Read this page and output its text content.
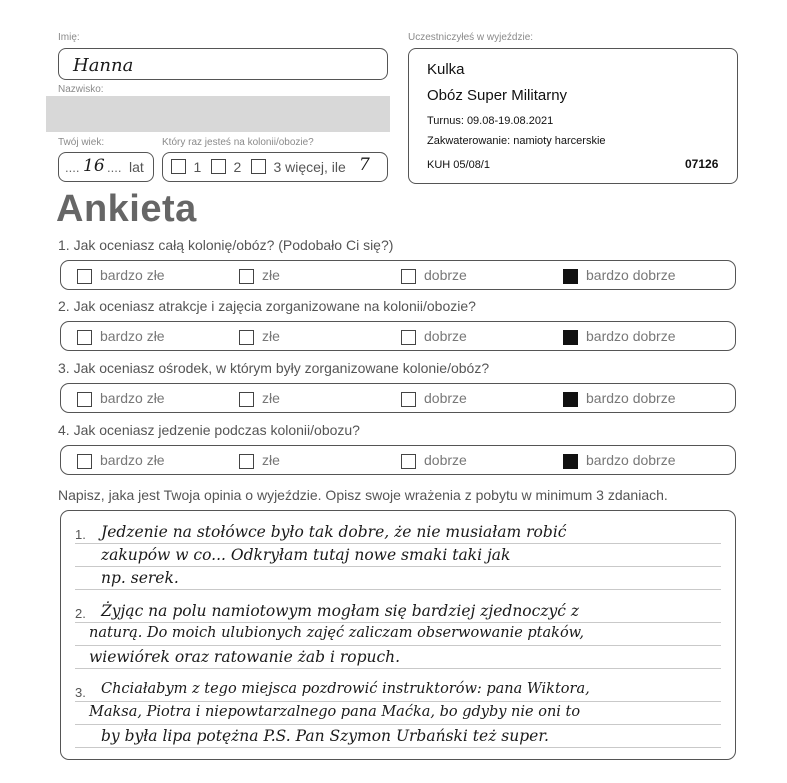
Imię:
Hanna
Nazwisko:
Twój wiek:
.... 16 .... lat
Który raz jesteś na kolonii/obozie?
1	2	3 więcej, ile 7
Uczestniczyłeś w wyjeździe:
Kulka
Obóz Super Militarny
Turnus: 09.08-19.08.2021
Zakwaterowanie: namioty harcerskie
KUH 05/08/1	07126
Ankieta
1. Jak oceniasz całą kolonię/obóz? (Podobało Ci się?)
bardzo złe	złe	dobrze	bardzo dobrze
2. Jak oceniasz atrakcje i zajęcia zorganizowane na kolonii/obozie?
bardzo złe	złe	dobrze	bardzo dobrze
3. Jak oceniasz ośrodek, w którym były zorganizowane kolonie/obóz?
bardzo złe	złe	dobrze	bardzo dobrze
4. Jak oceniasz jedzenie podczas kolonii/obozu?
bardzo złe	złe	dobrze	bardzo dobrze
Napisz, jaka jest Twoja opinia o wyjeździe. Opisz swoje wrażenia z pobytu w minimum 3 zdaniach.
1.
2.
3.
Jedzenie na stołówce było tak dobre, że nie musiałam robić
zakupów w co... Odkryłam tutaj nowe smaki taki jak
np. serek.
Żyjąc na polu namiotowym mogłam się bardziej zjednoczyć z
naturą. Do moich ulubionych zajęć zaliczam obserwowanie ptaków,
wiewiórek oraz ratowanie żab i ropuch.
Chciałabym z tego miejsca pozdrowić instruktorów: pana Wiktora,
Maksa, Piotra i niepowtarzalnego pana Maćka, bo gdyby nie oni to
by była lipa potężna P.S. Pan Szymon Urbański też super.
